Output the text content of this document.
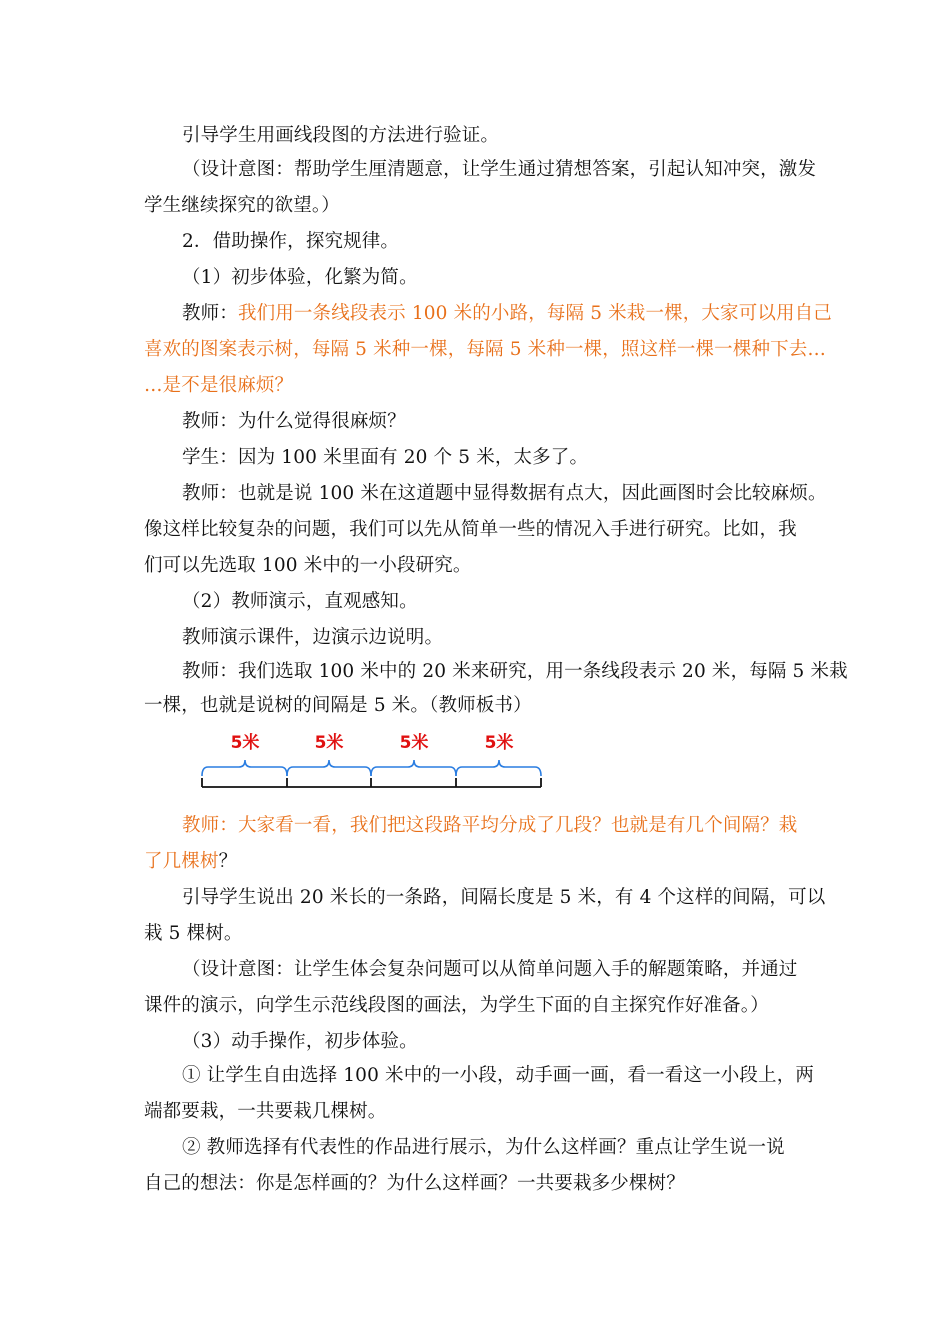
引导学生用画线段图的方法进行验证。
（设计意图：帮助学生厘清题意，让学生通过猜想答案，引起认知冲突，激发
学生继续探究的欲望。）
2．借助操作，探究规律。
（1）初步体验，化繁为简。
教师：我们用一条线段表示 100 米的小路，每隔 5 米栽一棵，大家可以用自己
喜欢的图案表示树，每隔 5 米种一棵，每隔 5 米种一棵，照这样一棵一棵种下去…
…是不是很麻烦？
教师：为什么觉得很麻烦？
学生：因为 100 米里面有 20 个 5 米，太多了。
教师：也就是说 100 米在这道题中显得数据有点大，因此画图时会比较麻烦。
像这样比较复杂的问题，我们可以先从简单一些的情况入手进行研究。比如，我
们可以先选取 100 米中的一小段研究。
（2）教师演示，直观感知。
教师演示课件，边演示边说明。
教师：我们选取 100 米中的 20 米来研究，用一条线段表示 20 米，每隔 5 米栽
一棵，也就是说树的间隔是 5 米。（教师板书）
5米	5米	5米	5米
教师：大家看一看，我们把这段路平均分成了几段？也就是有几个间隔？栽
了几棵树？
引导学生说出 20 米长的一条路，间隔长度是 5 米，有 4 个这样的间隔，可以
栽 5 棵树。
（设计意图：让学生体会复杂问题可以从简单问题入手的解题策略，并通过
课件的演示，向学生示范线段图的画法，为学生下面的自主探究作好准备。）
（3）动手操作，初步体验。
① 让学生自由选择 100 米中的一小段，动手画一画，看一看这一小段上，两
端都要栽，一共要栽几棵树。
② 教师选择有代表性的作品进行展示，为什么这样画？重点让学生说一说
自己的想法：你是怎样画的？为什么这样画？一共要栽多少棵树？
